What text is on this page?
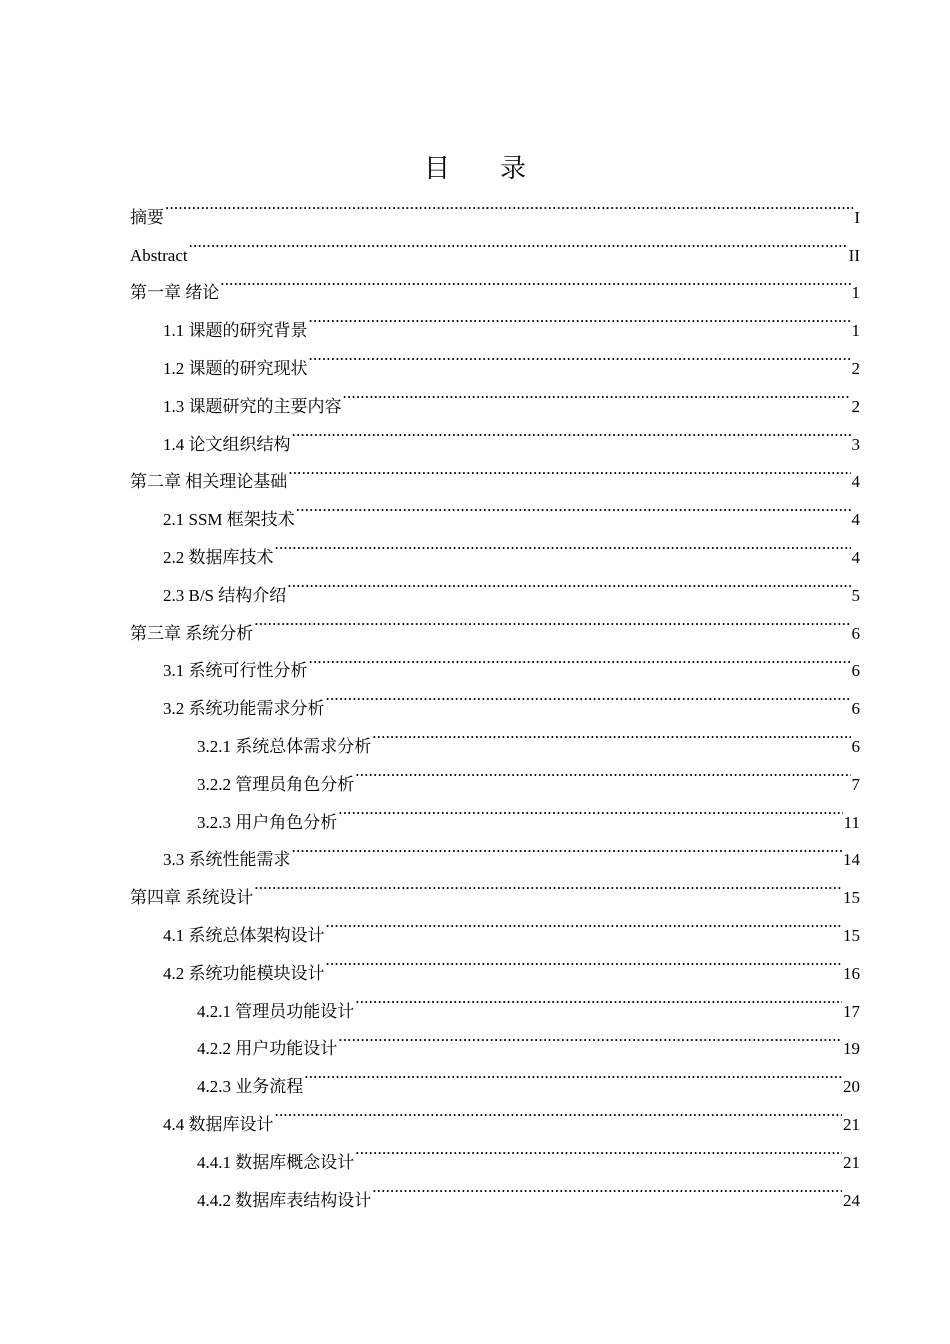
目 录
摘要 .....	I
Abstract .....	II
第一章 绪论 .....	1
1.1 课题的研究背景 .....	1
1.2 课题的研究现状 .....	2
1.3 课题研究的主要内容 .....	2
1.4 论文组织结构 .....	3
第二章 相关理论基础 .....	4
2.1 SSM 框架技术 .....	4
2.2 数据库技术 .....	4
2.3 B/S 结构介绍 .....	5
第三章 系统分析 .....	6
3.1 系统可行性分析 .....	6
3.2 系统功能需求分析 .....	6
3.2.1 系统总体需求分析 .....	6
3.2.2 管理员角色分析 .....	7
3.2.3 用户角色分析 .....	11
3.3 系统性能需求 .....	14
第四章 系统设计 .....	15
4.1 系统总体架构设计 .....	15
4.2 系统功能模块设计 .....	16
4.2.1 管理员功能设计 .....	17
4.2.2 用户功能设计 .....	19
4.2.3 业务流程 .....	20
4.4 数据库设计 .....	21
4.4.1 数据库概念设计 .....	21
4.4.2 数据库表结构设计 .....	24
